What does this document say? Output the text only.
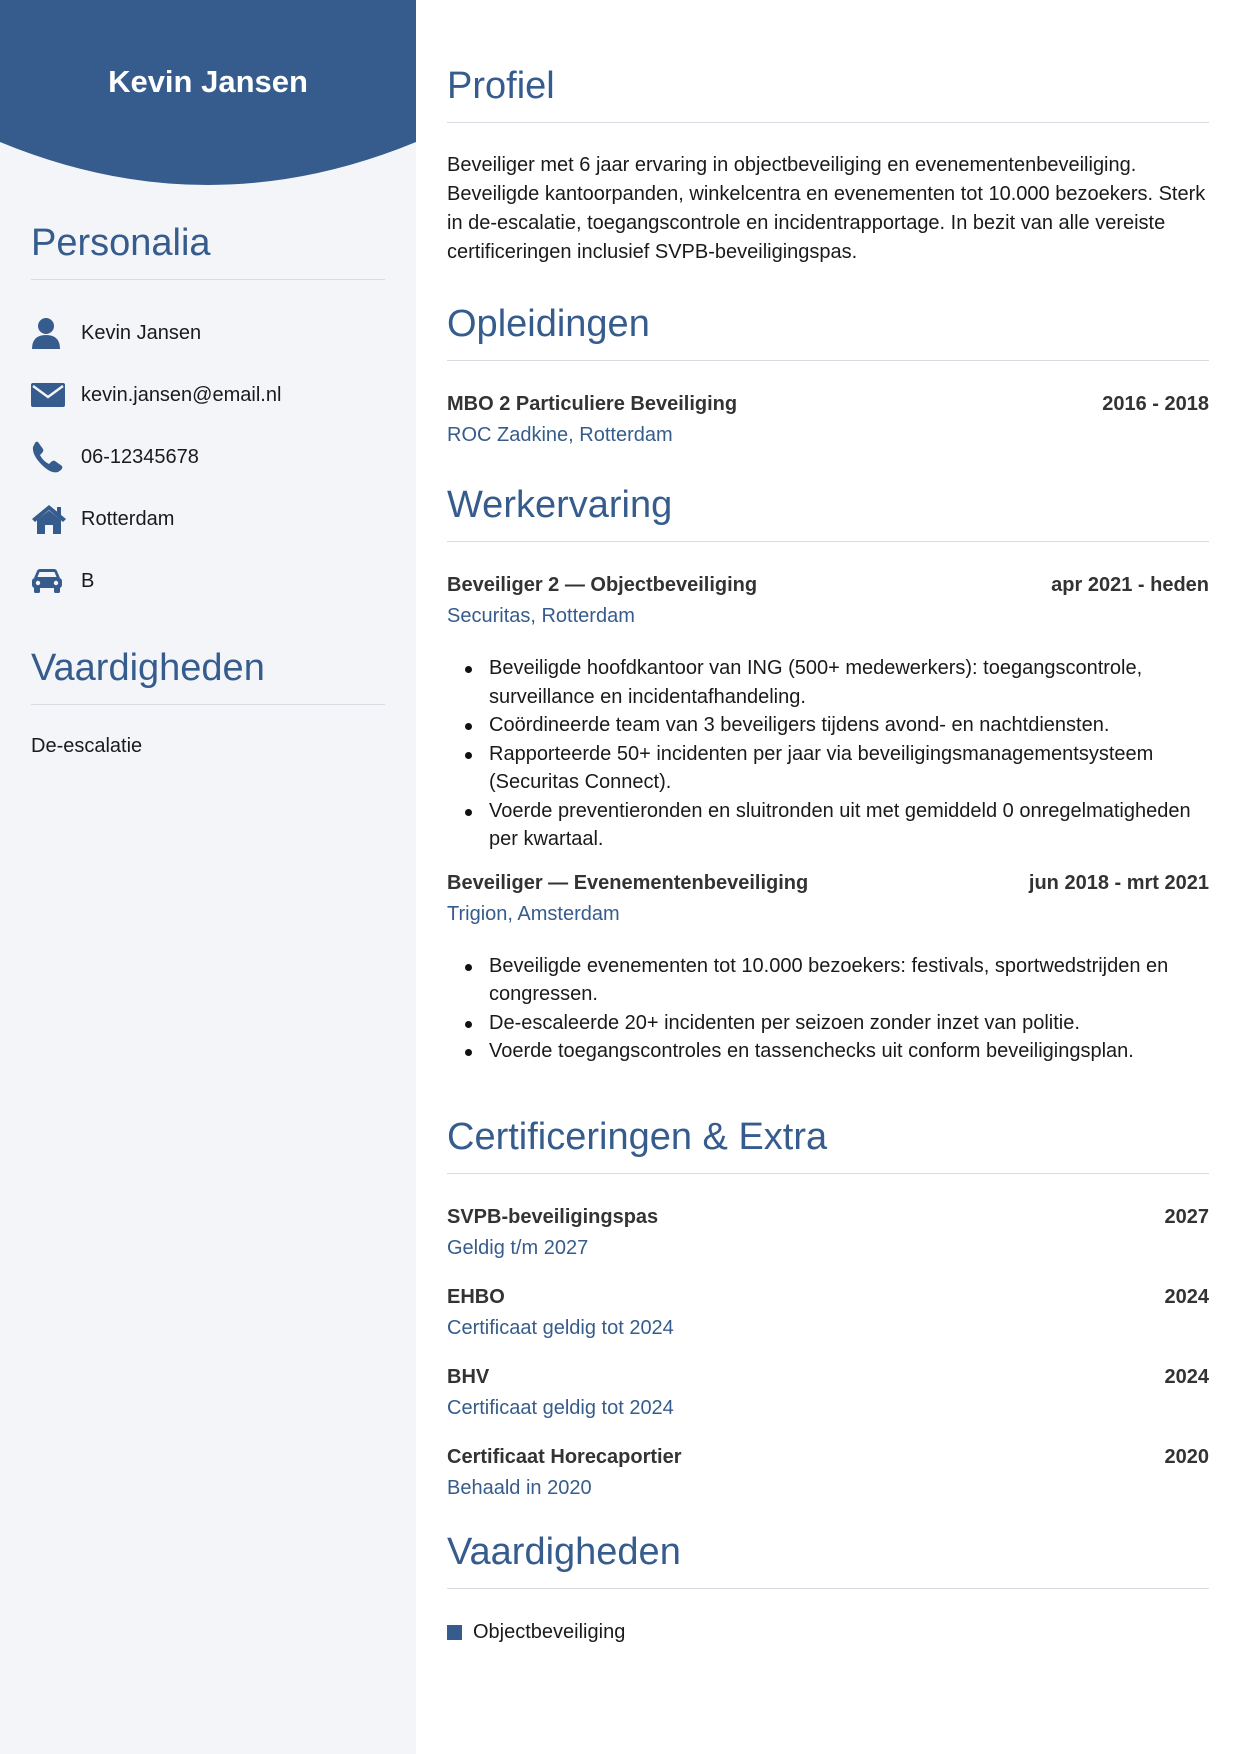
Kevin Jansen
Personalia
Kevin Jansen
kevin.jansen@email.nl
06-12345678
Rotterdam
B
Vaardigheden
De-escalatie
Profiel
Beveiliger met 6 jaar ervaring in objectbeveiliging en evenementenbeveiliging. Beveiligde kantoorpanden, winkelcentra en evenementen tot 10.000 bezoekers. Sterk in de-escalatie, toegangscontrole en incidentrapportage. In bezit van alle vereiste certificeringen inclusief SVPB-beveiligingspas.
Opleidingen
MBO 2 Particuliere Beveiliging	2016 - 2018
ROC Zadkine, Rotterdam
Werkervaring
Beveiliger 2 — Objectbeveiliging	apr 2021 - heden
Securitas, Rotterdam
Beveiligde hoofdkantoor van ING (500+ medewerkers): toegangscontrole, surveillance en incidentafhandeling.
Coördineerde team van 3 beveiligers tijdens avond- en nachtdiensten.
Rapporteerde 50+ incidenten per jaar via beveiligingsmanagementsysteem (Securitas Connect).
Voerde preventieronden en sluitronden uit met gemiddeld 0 onregelmatigheden per kwartaal.
Beveiliger — Evenementenbeveiliging	jun 2018 - mrt 2021
Trigion, Amsterdam
Beveiligde evenementen tot 10.000 bezoekers: festivals, sportwedstrijden en congressen.
De-escaleerde 20+ incidenten per seizoen zonder inzet van politie.
Voerde toegangscontroles en tassenchecks uit conform beveiligingsplan.
Certificeringen & Extra
SVPB-beveiligingspas	2027
Geldig t/m 2027
EHBO	2024
Certificaat geldig tot 2024
BHV	2024
Certificaat geldig tot 2024
Certificaat Horecaportier	2020
Behaald in 2020
Vaardigheden
Objectbeveiliging
